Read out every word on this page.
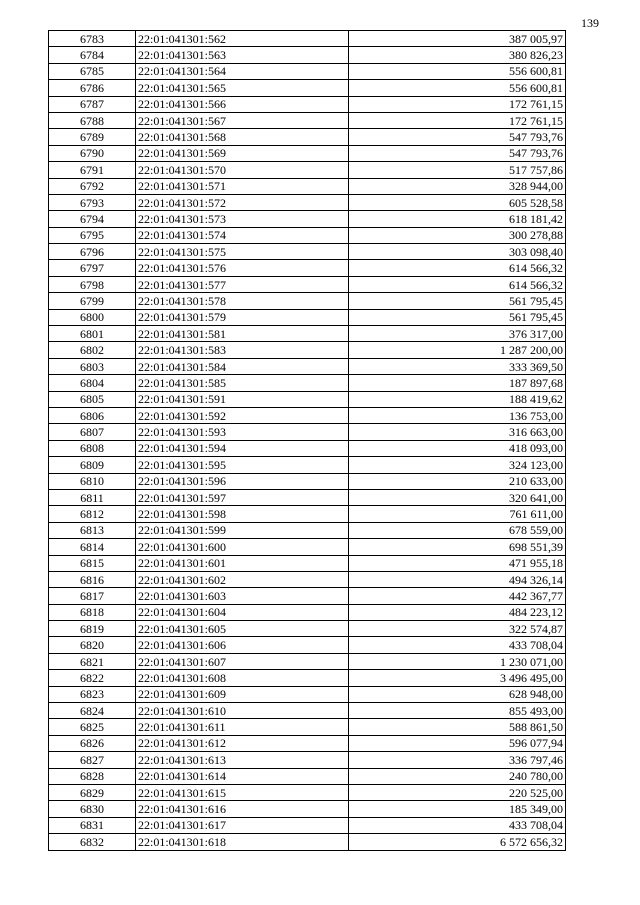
139
6783	22:01:041301:562	387 005,97
6784	22:01:041301:563	380 826,23
6785	22:01:041301:564	556 600,81
6786	22:01:041301:565	556 600,81
6787	22:01:041301:566	172 761,15
6788	22:01:041301:567	172 761,15
6789	22:01:041301:568	547 793,76
6790	22:01:041301:569	547 793,76
6791	22:01:041301:570	517 757,86
6792	22:01:041301:571	328 944,00
6793	22:01:041301:572	605 528,58
6794	22:01:041301:573	618 181,42
6795	22:01:041301:574	300 278,88
6796	22:01:041301:575	303 098,40
6797	22:01:041301:576	614 566,32
6798	22:01:041301:577	614 566,32
6799	22:01:041301:578	561 795,45
6800	22:01:041301:579	561 795,45
6801	22:01:041301:581	376 317,00
6802	22:01:041301:583	1 287 200,00
6803	22:01:041301:584	333 369,50
6804	22:01:041301:585	187 897,68
6805	22:01:041301:591	188 419,62
6806	22:01:041301:592	136 753,00
6807	22:01:041301:593	316 663,00
6808	22:01:041301:594	418 093,00
6809	22:01:041301:595	324 123,00
6810	22:01:041301:596	210 633,00
6811	22:01:041301:597	320 641,00
6812	22:01:041301:598	761 611,00
6813	22:01:041301:599	678 559,00
6814	22:01:041301:600	698 551,39
6815	22:01:041301:601	471 955,18
6816	22:01:041301:602	494 326,14
6817	22:01:041301:603	442 367,77
6818	22:01:041301:604	484 223,12
6819	22:01:041301:605	322 574,87
6820	22:01:041301:606	433 708,04
6821	22:01:041301:607	1 230 071,00
6822	22:01:041301:608	3 496 495,00
6823	22:01:041301:609	628 948,00
6824	22:01:041301:610	855 493,00
6825	22:01:041301:611	588 861,50
6826	22:01:041301:612	596 077,94
6827	22:01:041301:613	336 797,46
6828	22:01:041301:614	240 780,00
6829	22:01:041301:615	220 525,00
6830	22:01:041301:616	185 349,00
6831	22:01:041301:617	433 708,04
6832	22:01:041301:618	6 572 656,32
